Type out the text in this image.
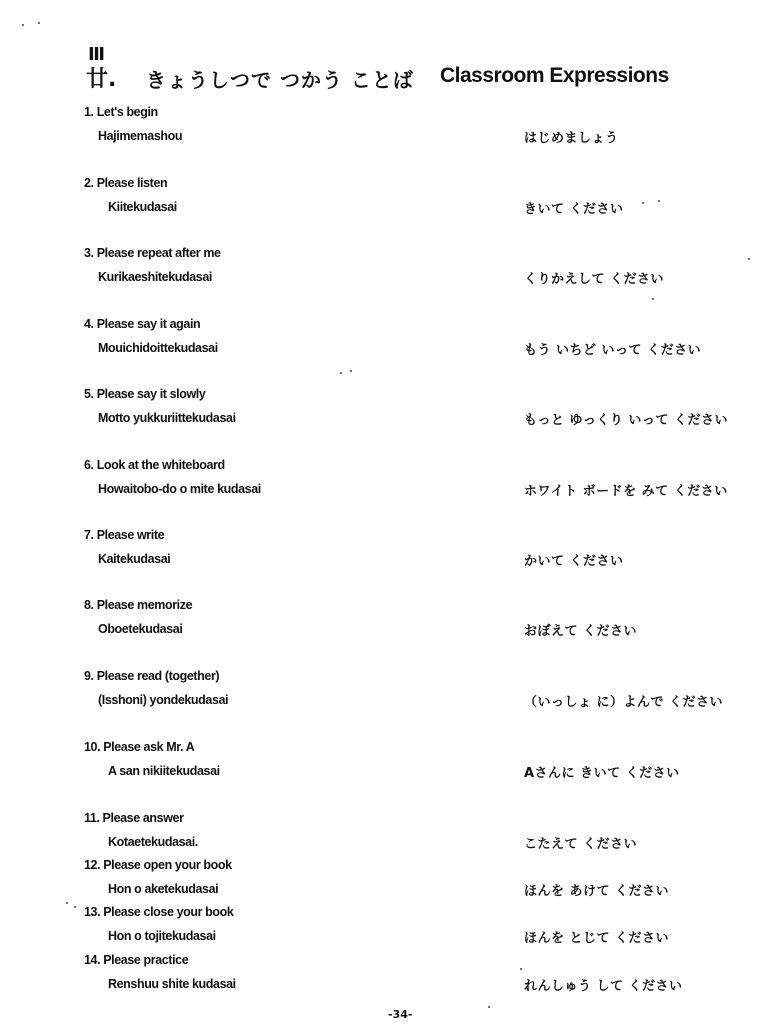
Ⅲ
廿. きょうしつで つかう ことば Classroom Expressions
1. Let's begin
Hajimemashou	はじめましょう
2. Please listen
Kiitekudasai	きいて ください
3. Please repeat after me
Kurikaeshitekudasai	くりかえして ください
4. Please say it again
Mouichidoittekudasai	もう いちど いって ください
5. Please say it slowly
Motto yukkuriittekudasai	もっと ゆっくり いって ください
6. Look at the whiteboard
Howaitobo-do o mite kudasai	ホワイト ボードを みて ください
7. Please write
Kaitekudasai	かいて ください
8. Please memorize
Oboetekudasai	おぼえて ください
9. Please read (together)
(Isshoni) yondekudasai	（いっしょ に）よんで ください
10. Please ask Mr. A
A san nikiitekudasai	Aさんに きいて ください
11. Please answer
Kotaetekudasai.	こたえて ください
12. Please open your book
Hon o aketekudasai	ほんを あけて ください
13. Please close your book
Hon o tojitekudasai	ほんを とじて ください
14. Please practice
Renshuu shite kudasai	れんしゅう して ください
-34-
